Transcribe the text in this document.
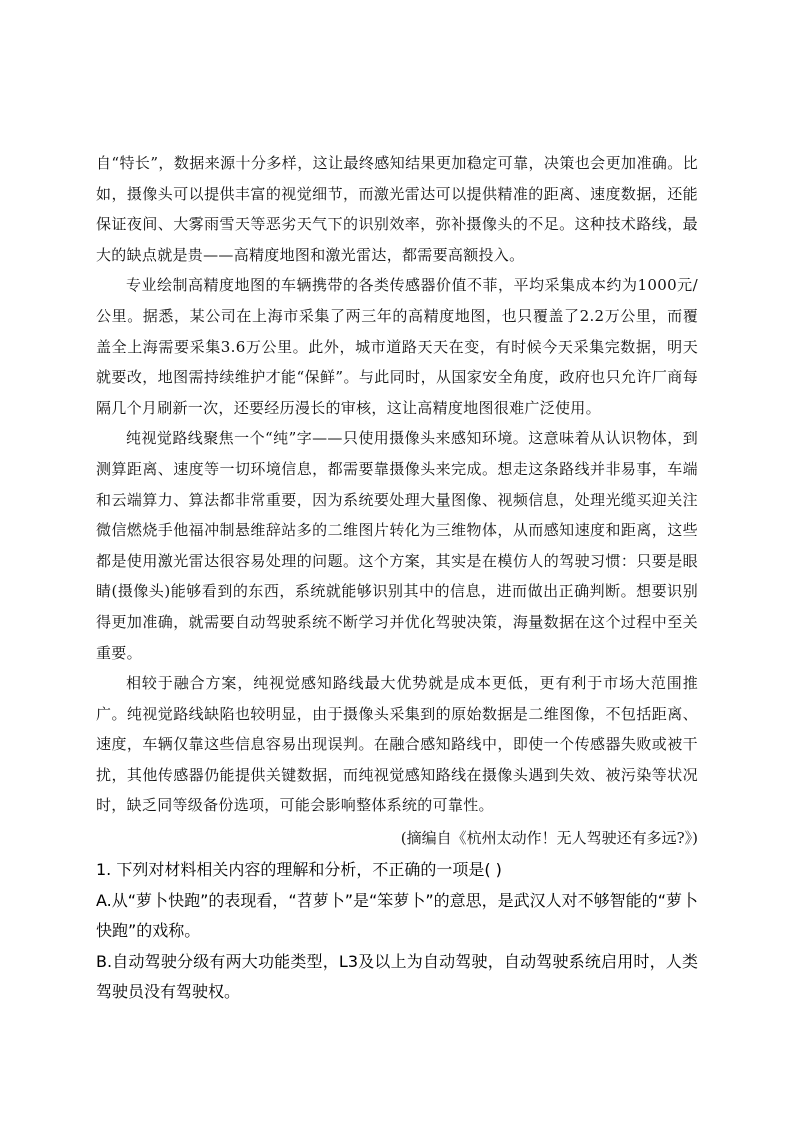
自“特长”，数据来源十分多样，这让最终感知结果更加稳定可靠，决策也会更加准确。比如，摄像头可以提供丰富的视觉细节，而激光雷达可以提供精准的距离、速度数据，还能保证夜间、大雾雨雪天等恶劣天气下的识别效率，弥补摄像头的不足。这种技术路线，最大的缺点就是贵——高精度地图和激光雷达，都需要高额投入。

专业绘制高精度地图的车辆携带的各类传感器价值不菲，平均采集成本约为1000元/公里。据悉，某公司在上海市采集了两三年的高精度地图，也只覆盖了2.2万公里，而覆盖全上海需要采集3.6万公里。此外，城市道路天天在变，有时候今天采集完数据，明天就要改，地图需持续维护才能“保鲜”。与此同时，从国家安全角度，政府也只允许厂商每隔几个月刷新一次，还要经历漫长的审核，这让高精度地图很难广泛使用。

纯视觉路线聚焦一个“纯”字——只使用摄像头来感知环境。这意味着从认识物体，到测算距离、速度等一切环境信息，都需要靠摄像头来完成。想走这条路线并非易事，车端和云端算力、算法都非常重要，因为系统要处理大量图像、视频信息，处理光缆买迎关注微信燃烧手他福冲制悬维辞站多的二维图片转化为三维物体，从而感知速度和距离，这些都是使用激光雷达很容易处理的问题。这个方案，其实是在模仿人的驾驶习惯：只要是眼睛(摄像头)能够看到的东西，系统就能够识别其中的信息，进而做出正确判断。想要识别得更加准确，就需要自动驾驶系统不断学习并优化驾驶决策，海量数据在这个过程中至关重要。

相较于融合方案，纯视觉感知路线最大优势就是成本更低，更有利于市场大范围推广。纯视觉路线缺陷也较明显，由于摄像头采集到的原始数据是二维图像，不包括距离、速度，车辆仅靠这些信息容易出现误判。在融合感知路线中，即使一个传感器失败或被干扰，其他传感器仍能提供关键数据，而纯视觉感知路线在摄像头遇到失效、被污染等状况时，缺乏同等级备份选项，可能会影响整体系统的可靠性。

(摘编自《杭州太动作！无人驾驶还有多远?》)

1. 下列对材料相关内容的理解和分析，不正确的一项是( )

A.从“萝卜快跑”的表现看，“苕萝卜”是“笨萝卜”的意思，是武汉人对不够智能的“萝卜快跑”的戏称。

B.自动驾驶分级有两大功能类型，L3及以上为自动驾驶，自动驾驶系统启用时，人类驾驶员没有驾驶权。
